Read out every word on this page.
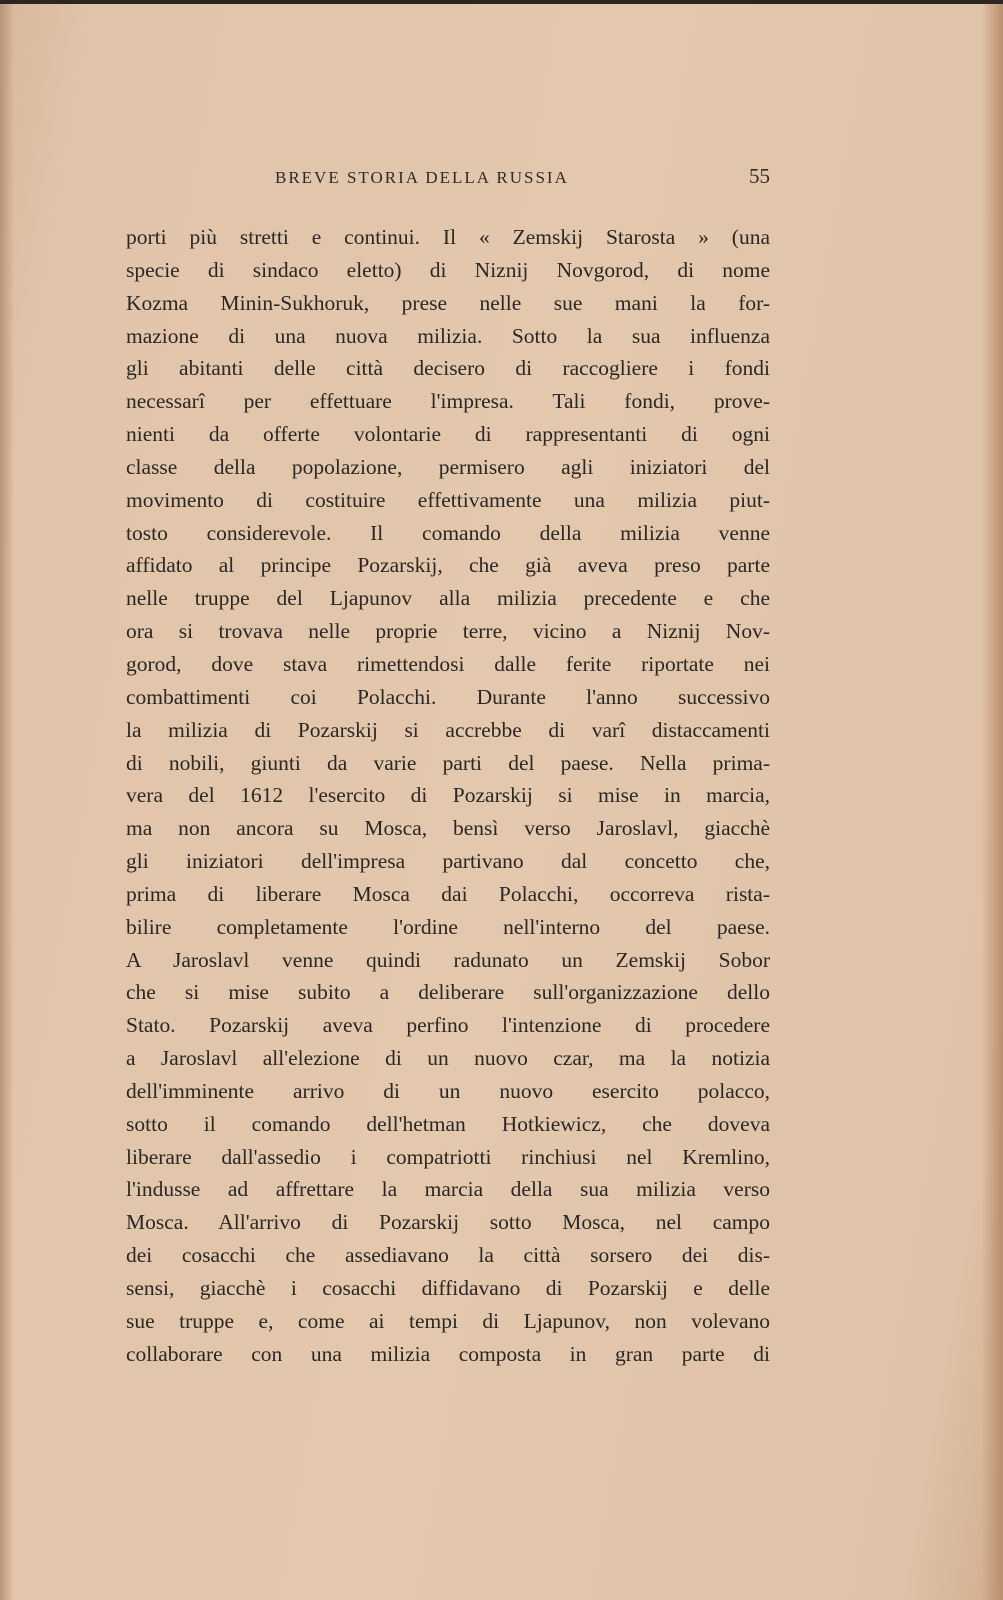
BREVE STORIA DELLA RUSSIA	55
porti più stretti e continui. Il « Zemskij Starosta » (una
specie di sindaco eletto) di Niznij Novgorod, di nome
Kozma Minin-Sukhoruk, prese nelle sue mani la for-
mazione di una nuova milizia. Sotto la sua influenza
gli abitanti delle città decisero di raccogliere i fondi
necessarî per effettuare l'impresa. Tali fondi, prove-
nienti da offerte volontarie di rappresentanti di ogni
classe della popolazione, permisero agli iniziatori del
movimento di costituire effettivamente una milizia piut-
tosto considerevole. Il comando della milizia venne
affidato al principe Pozarskij, che già aveva preso parte
nelle truppe del Ljapunov alla milizia precedente e che
ora si trovava nelle proprie terre, vicino a Niznij Nov-
gorod, dove stava rimettendosi dalle ferite riportate nei
combattimenti coi Polacchi. Durante l'anno successivo
la milizia di Pozarskij si accrebbe di varî distaccamenti
di nobili, giunti da varie parti del paese. Nella prima-
vera del 1612 l'esercito di Pozarskij si mise in marcia,
ma non ancora su Mosca, bensì verso Jaroslavl, giacchè
gli iniziatori dell'impresa partivano dal concetto che,
prima di liberare Mosca dai Polacchi, occorreva rista-
bilire completamente l'ordine nell'interno del paese.
A Jaroslavl venne quindi radunato un Zemskij Sobor
che si mise subito a deliberare sull'organizzazione dello
Stato. Pozarskij aveva perfino l'intenzione di procedere
a Jaroslavl all'elezione di un nuovo czar, ma la notizia
dell'imminente arrivo di un nuovo esercito polacco,
sotto il comando dell'hetman Hotkiewicz, che doveva
liberare dall'assedio i compatriotti rinchiusi nel Kremlino,
l'indusse ad affrettare la marcia della sua milizia verso
Mosca. All'arrivo di Pozarskij sotto Mosca, nel campo
dei cosacchi che assediavano la città sorsero dei dis-
sensi, giacchè i cosacchi diffidavano di Pozarskij e delle
sue truppe e, come ai tempi di Ljapunov, non volevano
collaborare con una milizia composta in gran parte di
